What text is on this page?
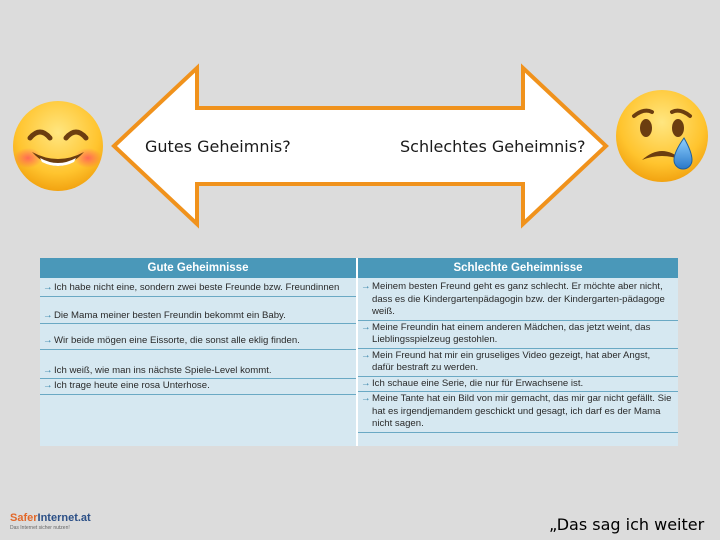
Gutes Geheimnis?	Schlechtes Geheimnis?
Gute Geheimnisse
→ Ich habe nicht eine, sondern zwei beste Freunde bzw. Freundinnen
→ Die Mama meiner besten Freundin bekommt ein Baby.
→ Wir beide mögen eine Eissorte, die sonst alle eklig finden.
→ Ich weiß, wie man ins nächste Spiele-Level kommt.
→ Ich trage heute eine rosa Unterhose.
Schlechte Geheimnisse
→ Meinem besten Freund geht es ganz schlecht. Er möchte aber nicht, dass es die Kindergartenpädagogin bzw. der Kindergarten-pädagoge weiß.
→ Meine Freundin hat einem anderen Mädchen, das jetzt weint, das Lieblingsspielzeug gestohlen.
→ Mein Freund hat mir ein gruseliges Video gezeigt, hat aber Angst, dafür bestraft zu werden.
→ Ich schaue eine Serie, die nur für Erwachsene ist.
→ Meine Tante hat ein Bild von mir gemacht, das mir gar nicht gefällt. Sie hat es irgendjemandem geschickt und gesagt, ich darf es der Mama nicht sagen.
SaferInternet.at
Das Internet sicher nutzen!	„Das sag ich weiter
